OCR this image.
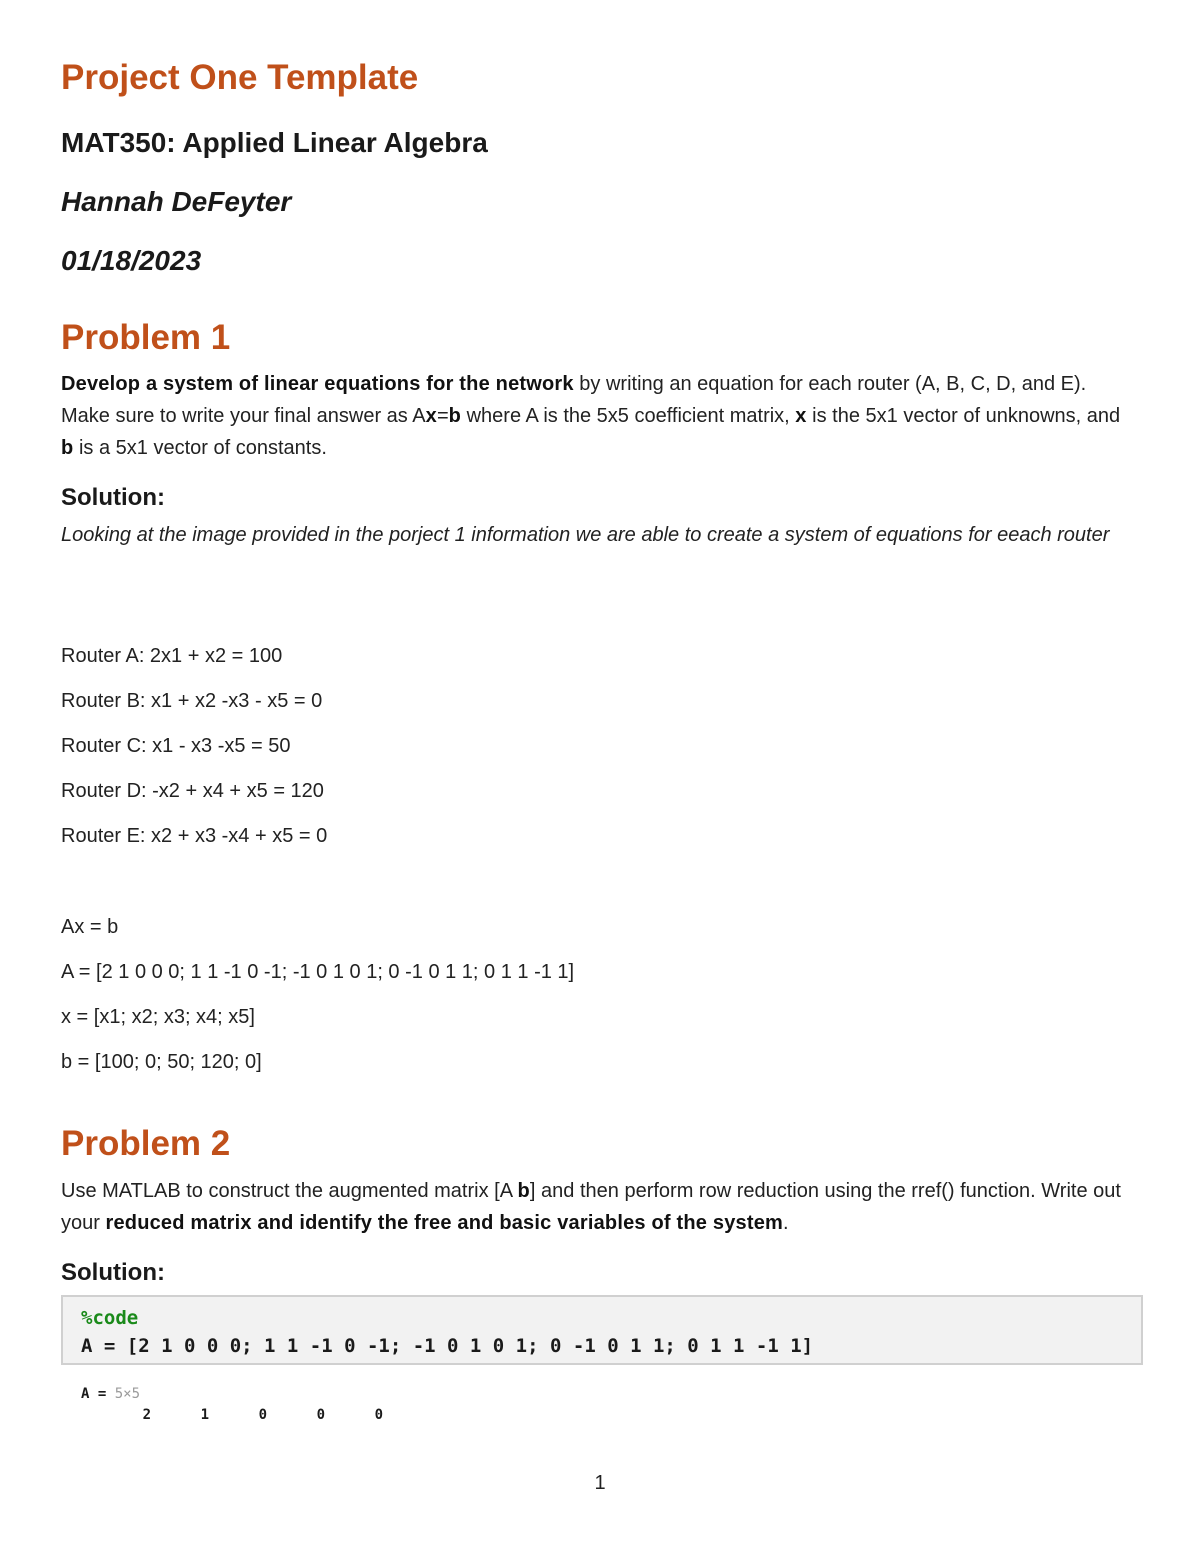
Project One Template
MAT350: Applied Linear Algebra
Hannah DeFeyter
01/18/2023
Problem 1

Develop a system of linear equations for the network by writing an equation for each router (A, B, C, D, and E). Make sure to write your final answer as Ax=b where A is the 5x5 coefficient matrix, x is the 5x1 vector of unknowns, and b is a 5x1 vector of constants.

Solution:

Looking at the image provided in the porject 1 information we are able to create a system of equations for eeach router

Router A: 2x1 + x2 = 100

Router B: x1 + x2 -x3 - x5 = 0

Router C: x1 - x3 -x5 = 50

Router D: -x2 + x4 + x5 = 120

Router E: x2 + x3 -x4 + x5 = 0

Ax = b

A = [2 1 0 0 0; 1 1 -1 0 -1; -1 0 1 0 1; 0 -1 0 1 1; 0 1 1 -1 1]

x = [x1; x2; x3; x4; x5]

b = [100; 0; 50; 120; 0]

Problem 2

Use MATLAB to construct the augmented matrix [A b] and then perform row reduction using the rref() function. Write out your reduced matrix and identify the free and basic variables of the system.

Solution:

%code

A = [2 1 0 0 0; 1 1 -1 0 -1; -1 0 1 0 1; 0 -1 0 1 1; 0 1 1 -1 1]

A = 5×5

2	1	0	0	0

1
